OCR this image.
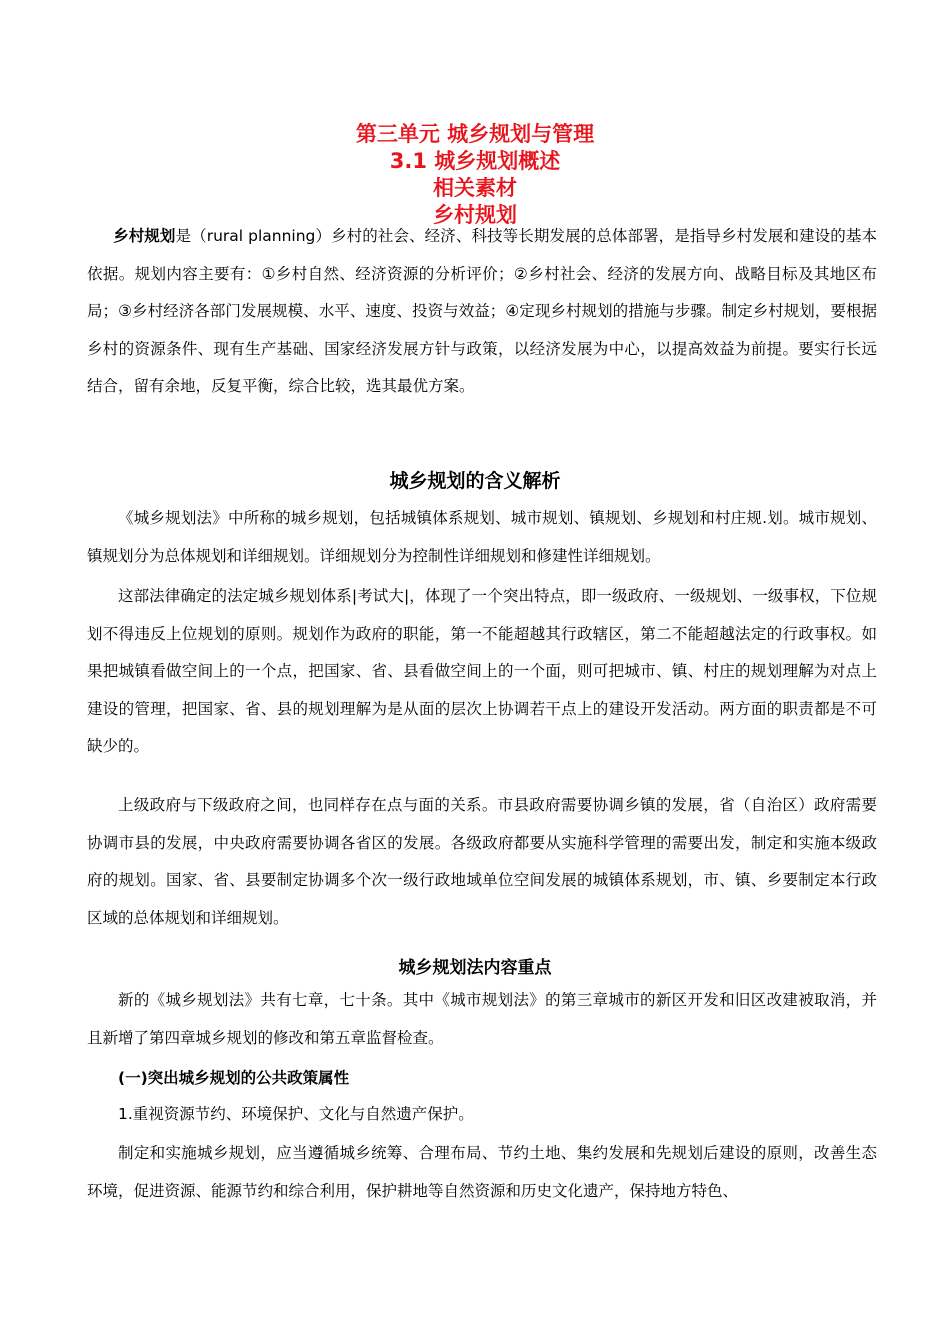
第三单元 城乡规划与管理
3.1 城乡规划概述
相关素材
乡村规划
乡村规划是（rural planning）乡村的社会、经济、科技等长期发展的总体部署，是指导乡村发展和建设的基本依据。规划内容主要有：①乡村自然、经济资源的分析评价；②乡村社会、经济的发展方向、战略目标及其地区布局；③乡村经济各部门发展规模、水平、速度、投资与效益；④定现乡村规划的措施与步骤。制定乡村规划，要根据乡村的资源条件、现有生产基础、国家经济发展方针与政策，以经济发展为中心，以提高效益为前提。要实行长远结合，留有余地，反复平衡，综合比较，选其最优方案。
城乡规划的含义解析
《城乡规划法》中所称的城乡规划，包括城镇体系规划、城市规划、镇规划、乡规划和村庄规.划。城市规划、镇规划分为总体规划和详细规划。详细规划分为控制性详细规划和修建性详细规划。
这部法律确定的法定城乡规划体系|考试大|，体现了一个突出特点，即一级政府、一级规划、一级事权，下位规划不得违反上位规划的原则。规划作为政府的职能，第一不能超越其行政辖区，第二不能超越法定的行政事权。如果把城镇看做空间上的一个点，把国家、省、县看做空间上的一个面，则可把城市、镇、村庄的规划理解为对点上建设的管理，把国家、省、县的规划理解为是从面的层次上协调若干点上的建设开发活动。两方面的职责都是不可缺少的。
上级政府与下级政府之间，也同样存在点与面的关系。市县政府需要协调乡镇的发展，省（自治区）政府需要协调市县的发展，中央政府需要协调各省区的发展。各级政府都要从实施科学管理的需要出发，制定和实施本级政府的规划。国家、省、县要制定协调多个次一级行政地域单位空间发展的城镇体系规划，市、镇、乡要制定本行政区域的总体规划和详细规划。
城乡规划法内容重点
新的《城乡规划法》共有七章，七十条。其中《城市规划法》的第三章城市的新区开发和旧区改建被取消，并且新增了第四章城乡规划的修改和第五章监督检查。
(一)突出城乡规划的公共政策属性
1.重视资源节约、环境保护、文化与自然遗产保护。
制定和实施城乡规划，应当遵循城乡统筹、合理布局、节约土地、集约发展和先规划后建设的原则，改善生态环境，促进资源、能源节约和综合利用，保护耕地等自然资源和历史文化遗产，保持地方特色、
